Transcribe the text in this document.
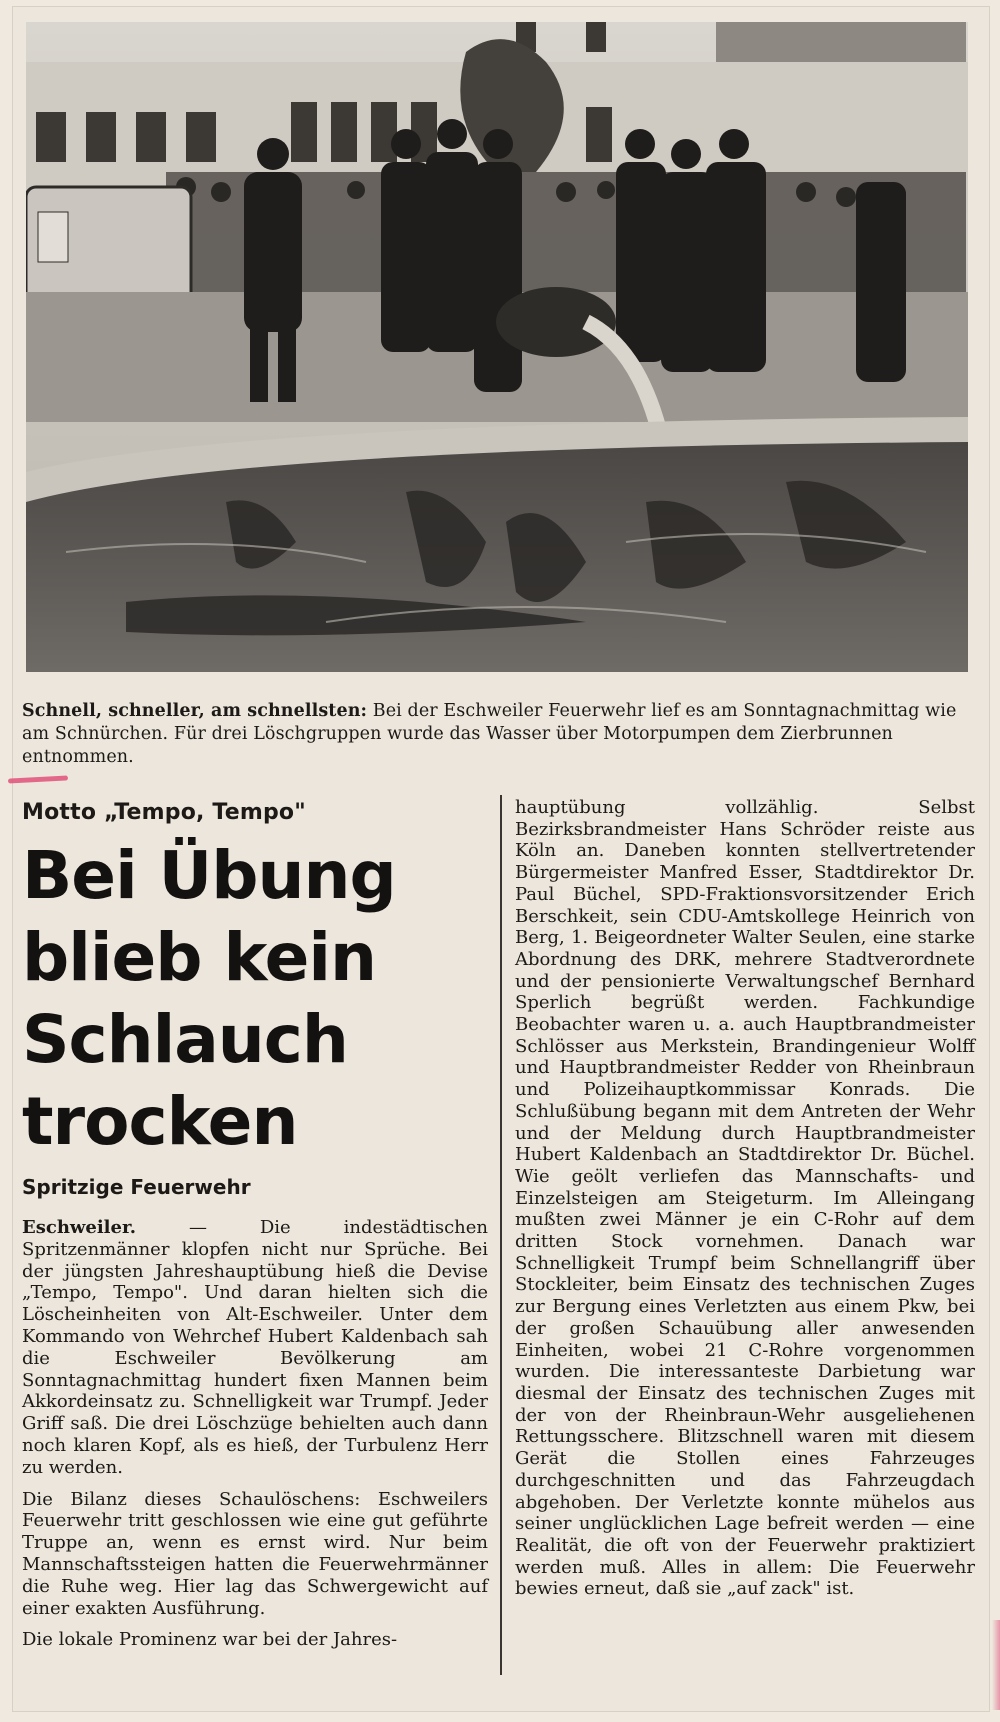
Schnell, schneller, am schnellsten: Bei der Eschweiler Feuerwehr lief es am Sonntagnachmittag wie am Schnürchen. Für drei Löschgruppen wurde das Wasser über Motorpumpen dem Zierbrunnen entnommen.
Motto „Tempo, Tempo"
Bei Übung
blieb kein
Schlauch
trocken
Spritzige Feuerwehr

Eschweiler. — Die indestädtischen Spritzenmänner klopfen nicht nur Sprüche. Bei der jüngsten Jahreshauptübung hieß die Devise „Tempo, Tempo". Und daran hielten sich die Löscheinheiten von Alt-Eschweiler. Unter dem Kommando von Wehrchef Hubert Kaldenbach sah die Eschweiler Bevölkerung am Sonntagnachmittag hundert fixen Mannen beim Akkordeinsatz zu. Schnelligkeit war Trumpf. Jeder Griff saß. Die drei Löschzüge behielten auch dann noch klaren Kopf, als es hieß, der Turbulenz Herr zu werden.

Die Bilanz dieses Schaulöschens: Eschweilers Feuerwehr tritt geschlossen wie eine gut geführte Truppe an, wenn es ernst wird. Nur beim Mannschaftssteigen hatten die Feuerwehrmänner die Ruhe weg. Hier lag das Schwergewicht auf einer exakten Ausführung.

Die lokale Prominenz war bei der Jahres-

hauptübung vollzählig. Selbst Bezirksbrandmeister Hans Schröder reiste aus Köln an. Daneben konnten stellvertretender Bürgermeister Manfred Esser, Stadtdirektor Dr. Paul Büchel, SPD-Fraktionsvorsitzender Erich Berschkeit, sein CDU-Amtskollege Heinrich von Berg, 1. Beigeordneter Walter Seulen, eine starke Abordnung des DRK, mehrere Stadtverordnete und der pensionierte Verwaltungschef Bernhard Sperlich begrüßt werden. Fachkundige Beobachter waren u. a. auch Hauptbrandmeister Schlösser aus Merkstein, Brandingenieur Wolff und Hauptbrandmeister Redder von Rheinbraun und Polizeihauptkommissar Konrads. Die Schlußübung begann mit dem Antreten der Wehr und der Meldung durch Hauptbrandmeister Hubert Kaldenbach an Stadtdirektor Dr. Büchel. Wie geölt verliefen das Mannschafts- und Einzelsteigen am Steigeturm. Im Alleingang mußten zwei Männer je ein C-Rohr auf dem dritten Stock vornehmen. Danach war Schnelligkeit Trumpf beim Schnellangriff über Stockleiter, beim Einsatz des technischen Zuges zur Bergung eines Verletzten aus einem Pkw, bei der großen Schauübung aller anwesenden Einheiten, wobei 21 C-Rohre vorgenommen wurden. Die interessanteste Darbietung war diesmal der Einsatz des technischen Zuges mit der von der Rheinbraun-Wehr ausgeliehenen Rettungsschere. Blitzschnell waren mit diesem Gerät die Stollen eines Fahrzeuges durchgeschnitten und das Fahrzeugdach abgehoben. Der Verletzte konnte mühelos aus seiner unglücklichen Lage befreit werden — eine Realität, die oft von der Feuerwehr praktiziert werden muß. Alles in allem: Die Feuerwehr bewies erneut, daß sie „auf zack" ist.
